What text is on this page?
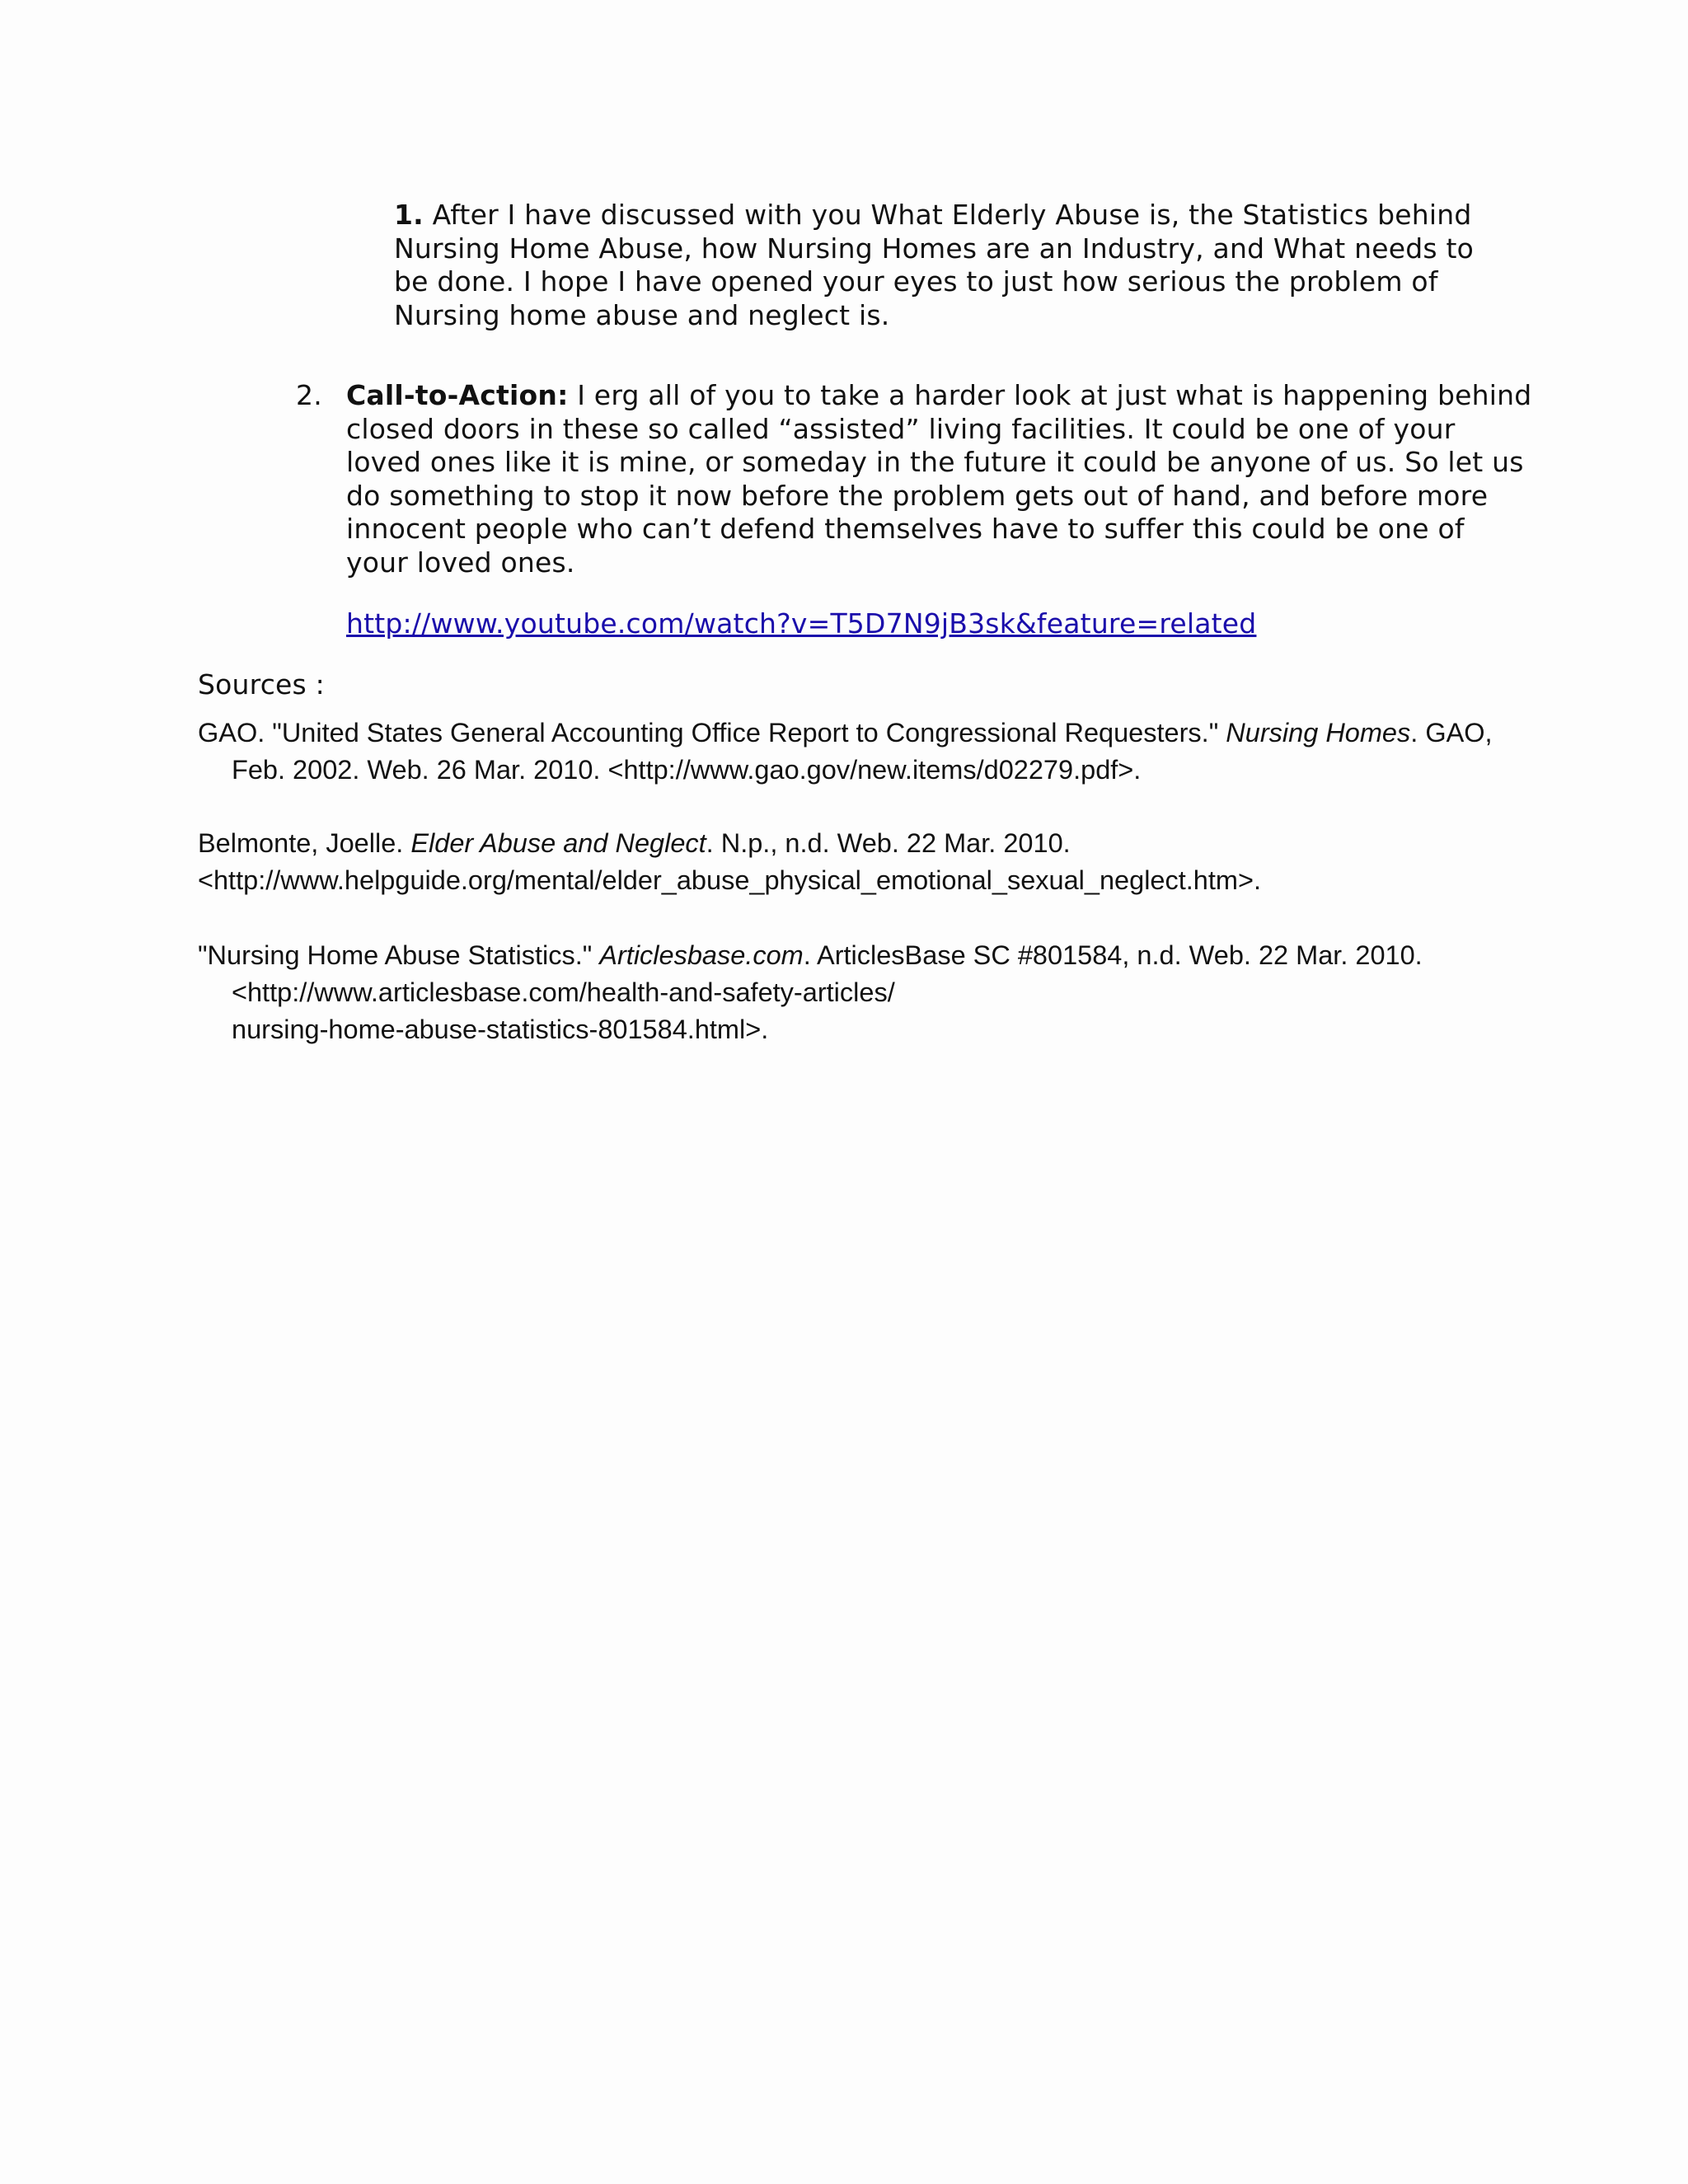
1. After I have discussed with you What Elderly Abuse is, the Statistics behind Nursing Home Abuse, how Nursing Homes are an Industry, and What needs to be done. I hope I have opened your eyes to just how serious the problem of Nursing home abuse and neglect is.
2. Call-to-Action: I erg all of you to take a harder look at just what is happening behind closed doors in these so called “assisted” living facilities. It could be one of your loved ones like it is mine, or someday in the future it could be anyone of us. So let us do something to stop it now before the problem gets out of hand, and before more innocent people who can’t defend themselves have to suffer this could be one of your loved ones.
http://www.youtube.com/watch?v=T5D7N9jB3sk&feature=related
Sources :
GAO. "United States General Accounting Office Report to Congressional Requesters." Nursing Homes. GAO, Feb. 2002. Web. 26 Mar. 2010. <http://www.gao.gov/new.items/d02279.pdf>.
Belmonte, Joelle. Elder Abuse and Neglect. N.p., n.d. Web. 22 Mar. 2010.
<http://www.helpguide.org/mental/elder_abuse_physical_emotional_sexual_neglect.htm>.
"Nursing Home Abuse Statistics." Articlesbase.com. ArticlesBase SC #801584, n.d. Web. 22 Mar. 2010.
<http://www.articlesbase.com/health-and-safety-articles/
nursing-home-abuse-statistics-801584.html>.
